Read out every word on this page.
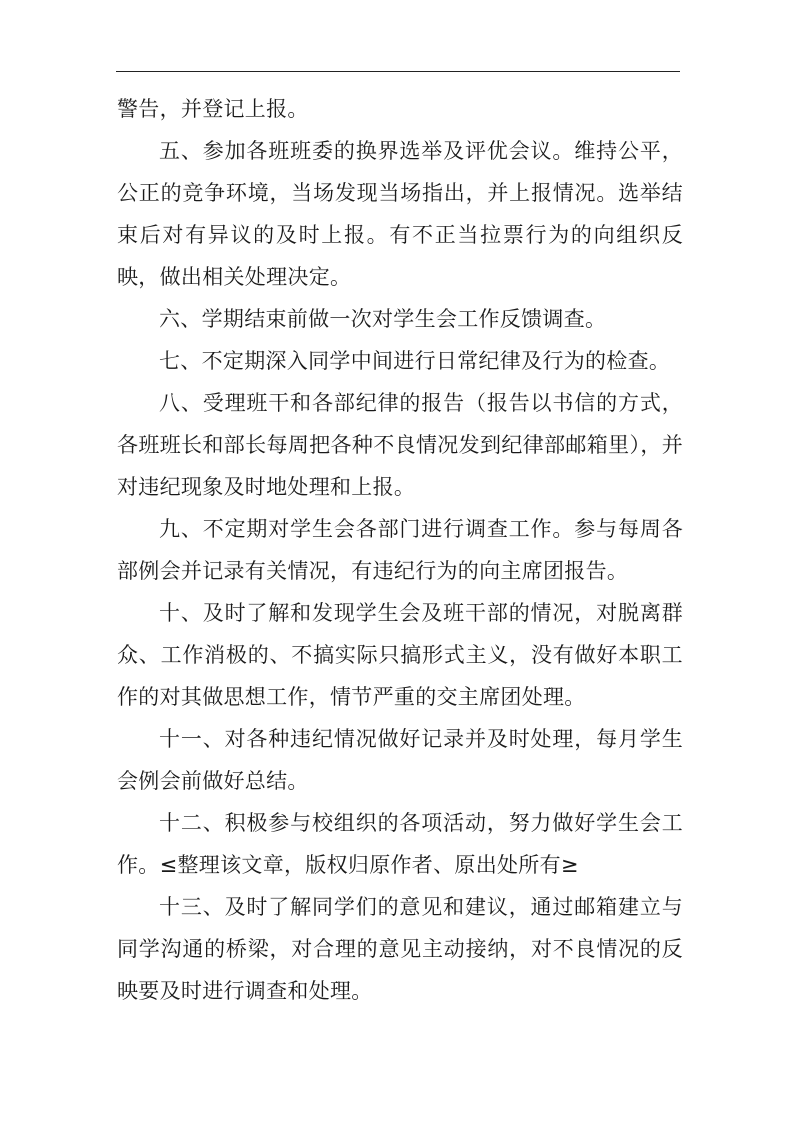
警告，并登记上报。

五、参加各班班委的换界选举及评优会议。维持公平，公正的竞争环境，当场发现当场指出，并上报情况。选举结束后对有异议的及时上报。有不正当拉票行为的向组织反映，做出相关处理决定。

六、学期结束前做一次对学生会工作反馈调查。

七、不定期深入同学中间进行日常纪律及行为的检查。

八、受理班干和各部纪律的报告（报告以书信的方式，各班班长和部长每周把各种不良情况发到纪律部邮箱里），并对违纪现象及时地处理和上报。

九、不定期对学生会各部门进行调查工作。参与每周各部例会并记录有关情况，有违纪行为的向主席团报告。

十、及时了解和发现学生会及班干部的情况，对脱离群众、工作消极的、不搞实际只搞形式主义，没有做好本职工作的对其做思想工作，情节严重的交主席团处理。

十一、对各种违纪情况做好记录并及时处理，每月学生会例会前做好总结。

十二、积极参与校组织的各项活动，努力做好学生会工作。≤整理该文章，版权归原作者、原出处所有≥

十三、及时了解同学们的意见和建议，通过邮箱建立与同学沟通的桥梁，对合理的意见主动接纳，对不良情况的反映要及时进行调查和处理。
